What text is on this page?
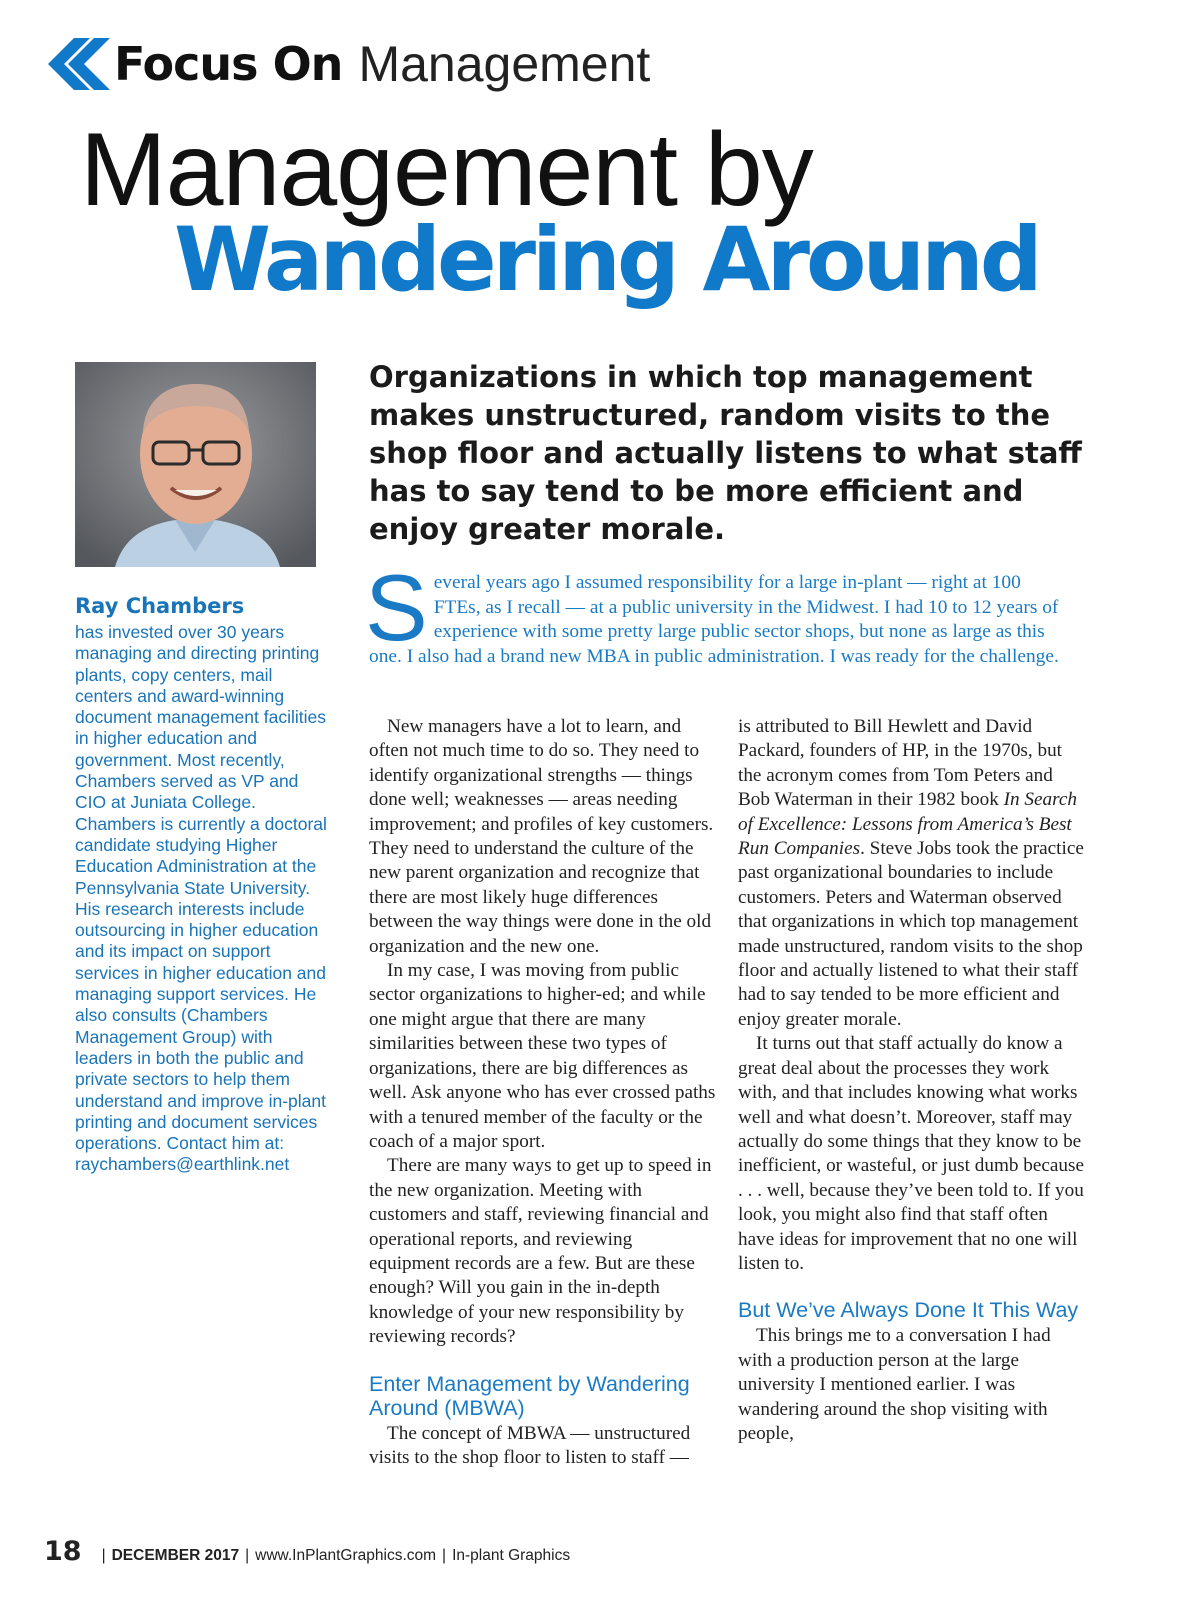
Focus On Management
Management by
Wandering Around
Ray Chambers
has invested over 30 years managing and directing printing plants, copy centers, mail centers and award-winning document management facilities in higher education and government. Most recently, Chambers served as VP and CIO at Juniata College. Chambers is currently a doctoral candidate studying Higher Education Administration at the Pennsylvania State University. His research interests include outsourcing in higher education and its impact on support services in higher education and managing support services. He also consults (Chambers Management Group) with leaders in both the public and private sectors to help them understand and improve in-plant printing and document services operations. Contact him at: raychambers@earthlink.net
Organizations in which top management makes unstructured, random visits to the shop floor and actually listens to what staff has to say tend to be more efficient and enjoy greater morale.
Several years ago I assumed responsibility for a large in-plant — right at 100 FTEs, as I recall — at a public university in the Midwest. I had 10 to 12 years of experience with some pretty large public sector shops, but none as large as this one. I also had a brand new MBA in public administration. I was ready for the challenge.

New managers have a lot to learn, and often not much time to do so. They need to identify organizational strengths — things done well; weaknesses — areas needing improvement; and profiles of key customers. They need to understand the culture of the new parent organization and recognize that there are most likely huge differences between the way things were done in the old organization and the new one.

In my case, I was moving from public sector organizations to higher-ed; and while one might argue that there are many similarities between these two types of organizations, there are big differences as well. Ask anyone who has ever crossed paths with a tenured member of the faculty or the coach of a major sport.

There are many ways to get up to speed in the new organization. Meeting with customers and staff, reviewing financial and operational reports, and reviewing equipment records are a few. But are these enough? Will you gain in the in-depth knowledge of your new responsibility by reviewing records?

Enter Management by Wandering Around (MBWA)

The concept of MBWA — unstructured visits to the shop floor to listen to staff —

is attributed to Bill Hewlett and David Packard, founders of HP, in the 1970s, but the acronym comes from Tom Peters and Bob Waterman in their 1982 book In Search of Excellence: Lessons from America’s Best Run Companies. Steve Jobs took the practice past organizational boundaries to include customers. Peters and Waterman observed that organizations in which top management made unstructured, random visits to the shop floor and actually listened to what their staff had to say tended to be more efficient and enjoy greater morale.

It turns out that staff actually do know a great deal about the processes they work with, and that includes knowing what works well and what doesn’t. Moreover, staff may actually do some things that they know to be inefficient, or wasteful, or just dumb because . . . well, because they’ve been told to. If you look, you might also find that staff often have ideas for improvement that no one will listen to.

But We’ve Always Done It This Way

This brings me to a conversation I had with a production person at the large university I mentioned earlier. I was wandering around the shop visiting with people,

18 | DECEMBER 2017 | www.InPlantGraphics.com | In-plant Graphics
